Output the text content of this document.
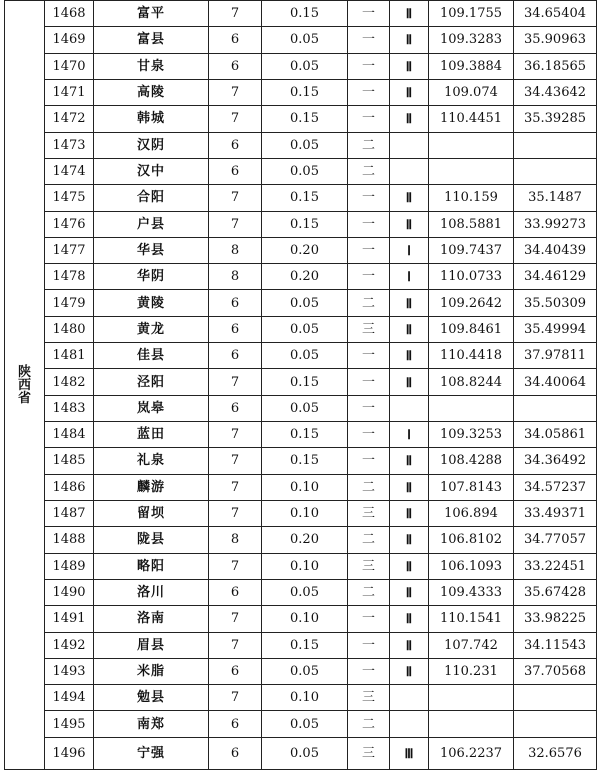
陕
西
省	1468	富平	7	0.15	一	Ⅱ	109.1755	34.65404
	1469	富县	6	0.05	一	Ⅱ	109.3283	35.90963
	1470	甘泉	6	0.05	一	Ⅱ	109.3884	36.18565
	1471	高陵	7	0.15	一	Ⅱ	109.074	34.43642
	1472	韩城	7	0.15	一	Ⅱ	110.4451	35.39285
	1473	汉阴	6	0.05	二			
	1474	汉中	6	0.05	二			
	1475	合阳	7	0.15	一	Ⅱ	110.159	35.1487
	1476	户县	7	0.15	一	Ⅱ	108.5881	33.99273
	1477	华县	8	0.20	一	Ⅰ	109.7437	34.40439
	1478	华阴	8	0.20	一	Ⅰ	110.0733	34.46129
	1479	黄陵	6	0.05	二	Ⅱ	109.2642	35.50309
	1480	黄龙	6	0.05	三	Ⅱ	109.8461	35.49994
	1481	佳县	6	0.05	一	Ⅱ	110.4418	37.97811
	1482	泾阳	7	0.15	一	Ⅱ	108.8244	34.40064
	1483	岚皋	6	0.05	一			
	1484	蓝田	7	0.15	一	Ⅰ	109.3253	34.05861
	1485	礼泉	7	0.15	一	Ⅱ	108.4288	34.36492
	1486	麟游	7	0.10	二	Ⅱ	107.8143	34.57237
	1487	留坝	7	0.10	三	Ⅱ	106.894	33.49371
	1488	陇县	8	0.20	二	Ⅱ	106.8102	34.77057
	1489	略阳	7	0.10	三	Ⅱ	106.1093	33.22451
	1490	洛川	6	0.05	二	Ⅱ	109.4333	35.67428
	1491	洛南	7	0.10	一	Ⅱ	110.1541	33.98225
	1492	眉县	7	0.15	一	Ⅱ	107.742	34.11543
	1493	米脂	6	0.05	一	Ⅱ	110.231	37.70568
	1494	勉县	7	0.10	三			
	1495	南郑	6	0.05	二			
	1496	宁强	6	0.05	三	Ⅲ	106.2237	32.6576
